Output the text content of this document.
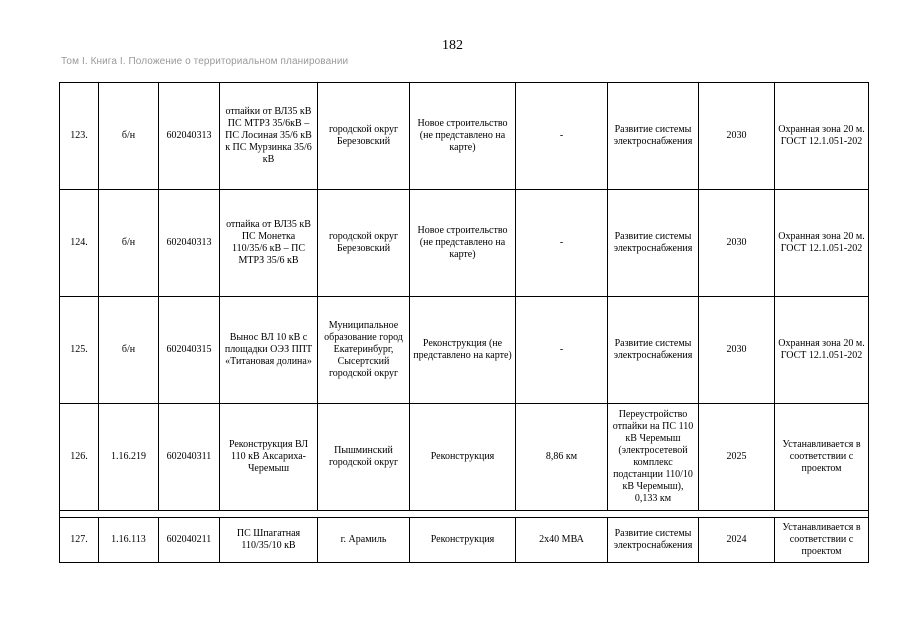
182
Том I. Книга I. Положение о территориальном планировании
123.	б/н	602040313	отпайки от ВЛ35 кВ ПС МТРЗ 35/6кВ – ПС Лосиная 35/6 кВ к ПС Мурзинка 35/6 кВ	городской округ Березовский	Новое строительство (не представлено на карте)	-	Развитие системы электроснабжения	2030	Охранная зона 20 м. ГОСТ 12.1.051-202
124.	б/н	602040313	отпайка от ВЛ35 кВ ПС Монетка 110/35/6 кВ – ПС МТРЗ 35/6 кВ	городской округ Березовский	Новое строительство (не представлено на карте)	-	Развитие системы электроснабжения	2030	Охранная зона 20 м. ГОСТ 12.1.051-202
125.	б/н	602040315	Вынос ВЛ 10 кВ с площадки ОЭЗ ППТ «Титановая долина»	Муниципальное образование город Екатеринбург, Сысертский городской округ	Реконструкция (не представлено на карте)	-	Развитие системы электроснабжения	2030	Охранная зона 20 м. ГОСТ 12.1.051-202
126.	1.16.219	602040311	Реконструкция ВЛ 110 кВ Аксариха-Черемыш	Пышминский городской округ	Реконструкция	8,86 км	Переустройство отпайки на ПС 110 кВ Черемыш (электросетевой комплекс подстанции 110/10 кВ Черемыш), 0,133 км	2025	Устанавливается в соответствии с проектом

127.	1.16.113	602040211	ПС Шпагатная 110/35/10 кВ	г. Арамиль	Реконструкция	2х40 МВА	Развитие системы электроснабжения	2024	Устанавливается в соответствии с проектом
